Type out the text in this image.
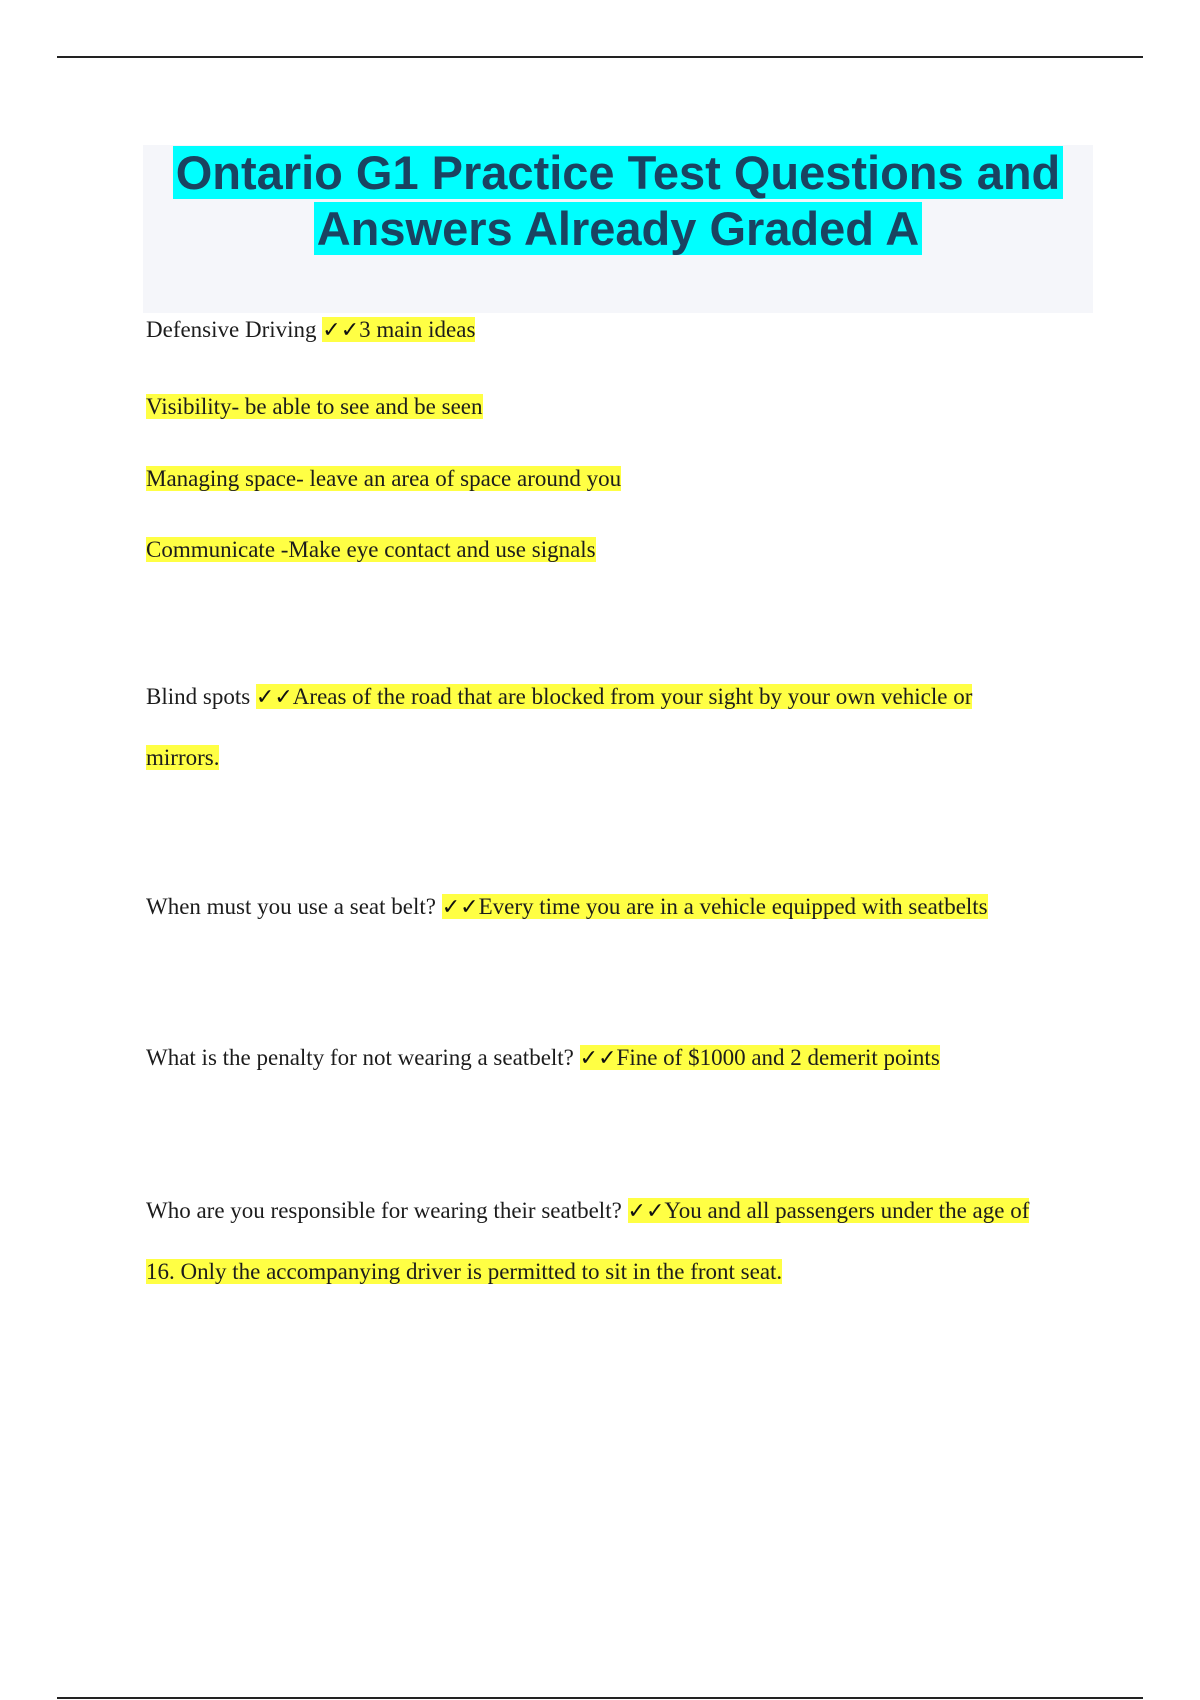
Ontario G1 Practice Test Questions and
Answers Already Graded A
Defensive Driving ✓✓3 main ideas
Visibility- be able to see and be seen
Managing space- leave an area of space around you
Communicate -Make eye contact and use signals
Blind spots ✓✓Areas of the road that are blocked from your sight by your own vehicle or
mirrors.
When must you use a seat belt? ✓✓Every time you are in a vehicle equipped with seatbelts
What is the penalty for not wearing a seatbelt? ✓✓Fine of $1000 and 2 demerit points
Who are you responsible for wearing their seatbelt? ✓✓You and all passengers under the age of
16. Only the accompanying driver is permitted to sit in the front seat.
